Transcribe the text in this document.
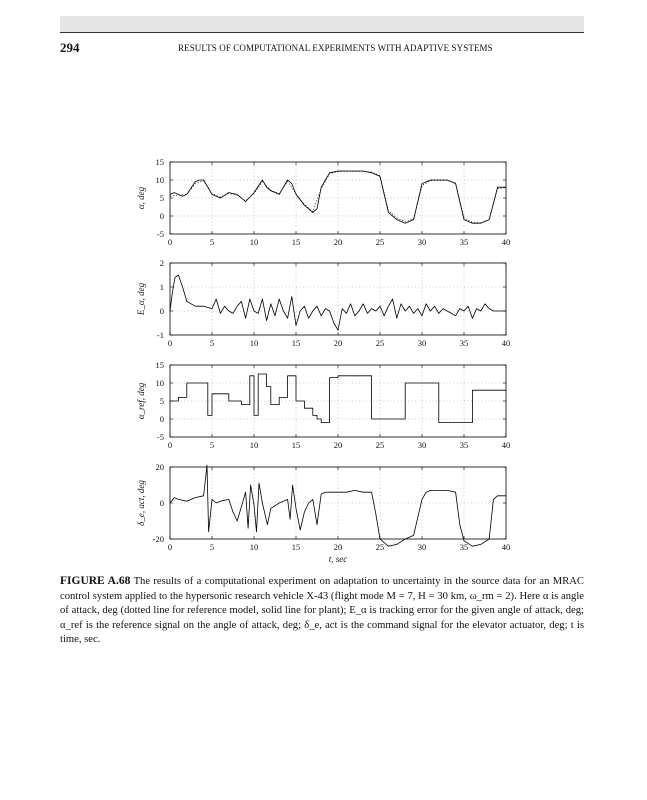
294	RESULTS OF COMPUTATIONAL EXPERIMENTS WITH ADAPTIVE SYSTEMS
0	5	10	15	20	25	30	35	40
15
10
5
0
-5
α, deg
0	5	10	15	20	25	30	35	40
2
1
0
-1
E_α, deg
0	5	10	15	20	25	30	35	40
15
10
5
0
-5
α_ref, deg
0	5	10	15	20	25	30	35	40
20
0
-20
δ_e, act, deg
t, sec
FIGURE A.68 The results of a computational experiment on adaptation to uncertainty in the source data for an MRAC control system applied to the hypersonic research vehicle X-43 (flight mode M = 7, H = 30 km, ω_rm = 2). Here α is angle of attack, deg (dotted line for reference model, solid line for plant); E_α is tracking error for the given angle of attack, deg; α_ref is the reference signal on the angle of attack, deg; δ_e, act is the command signal for the elevator actuator, deg; t is time, sec.
